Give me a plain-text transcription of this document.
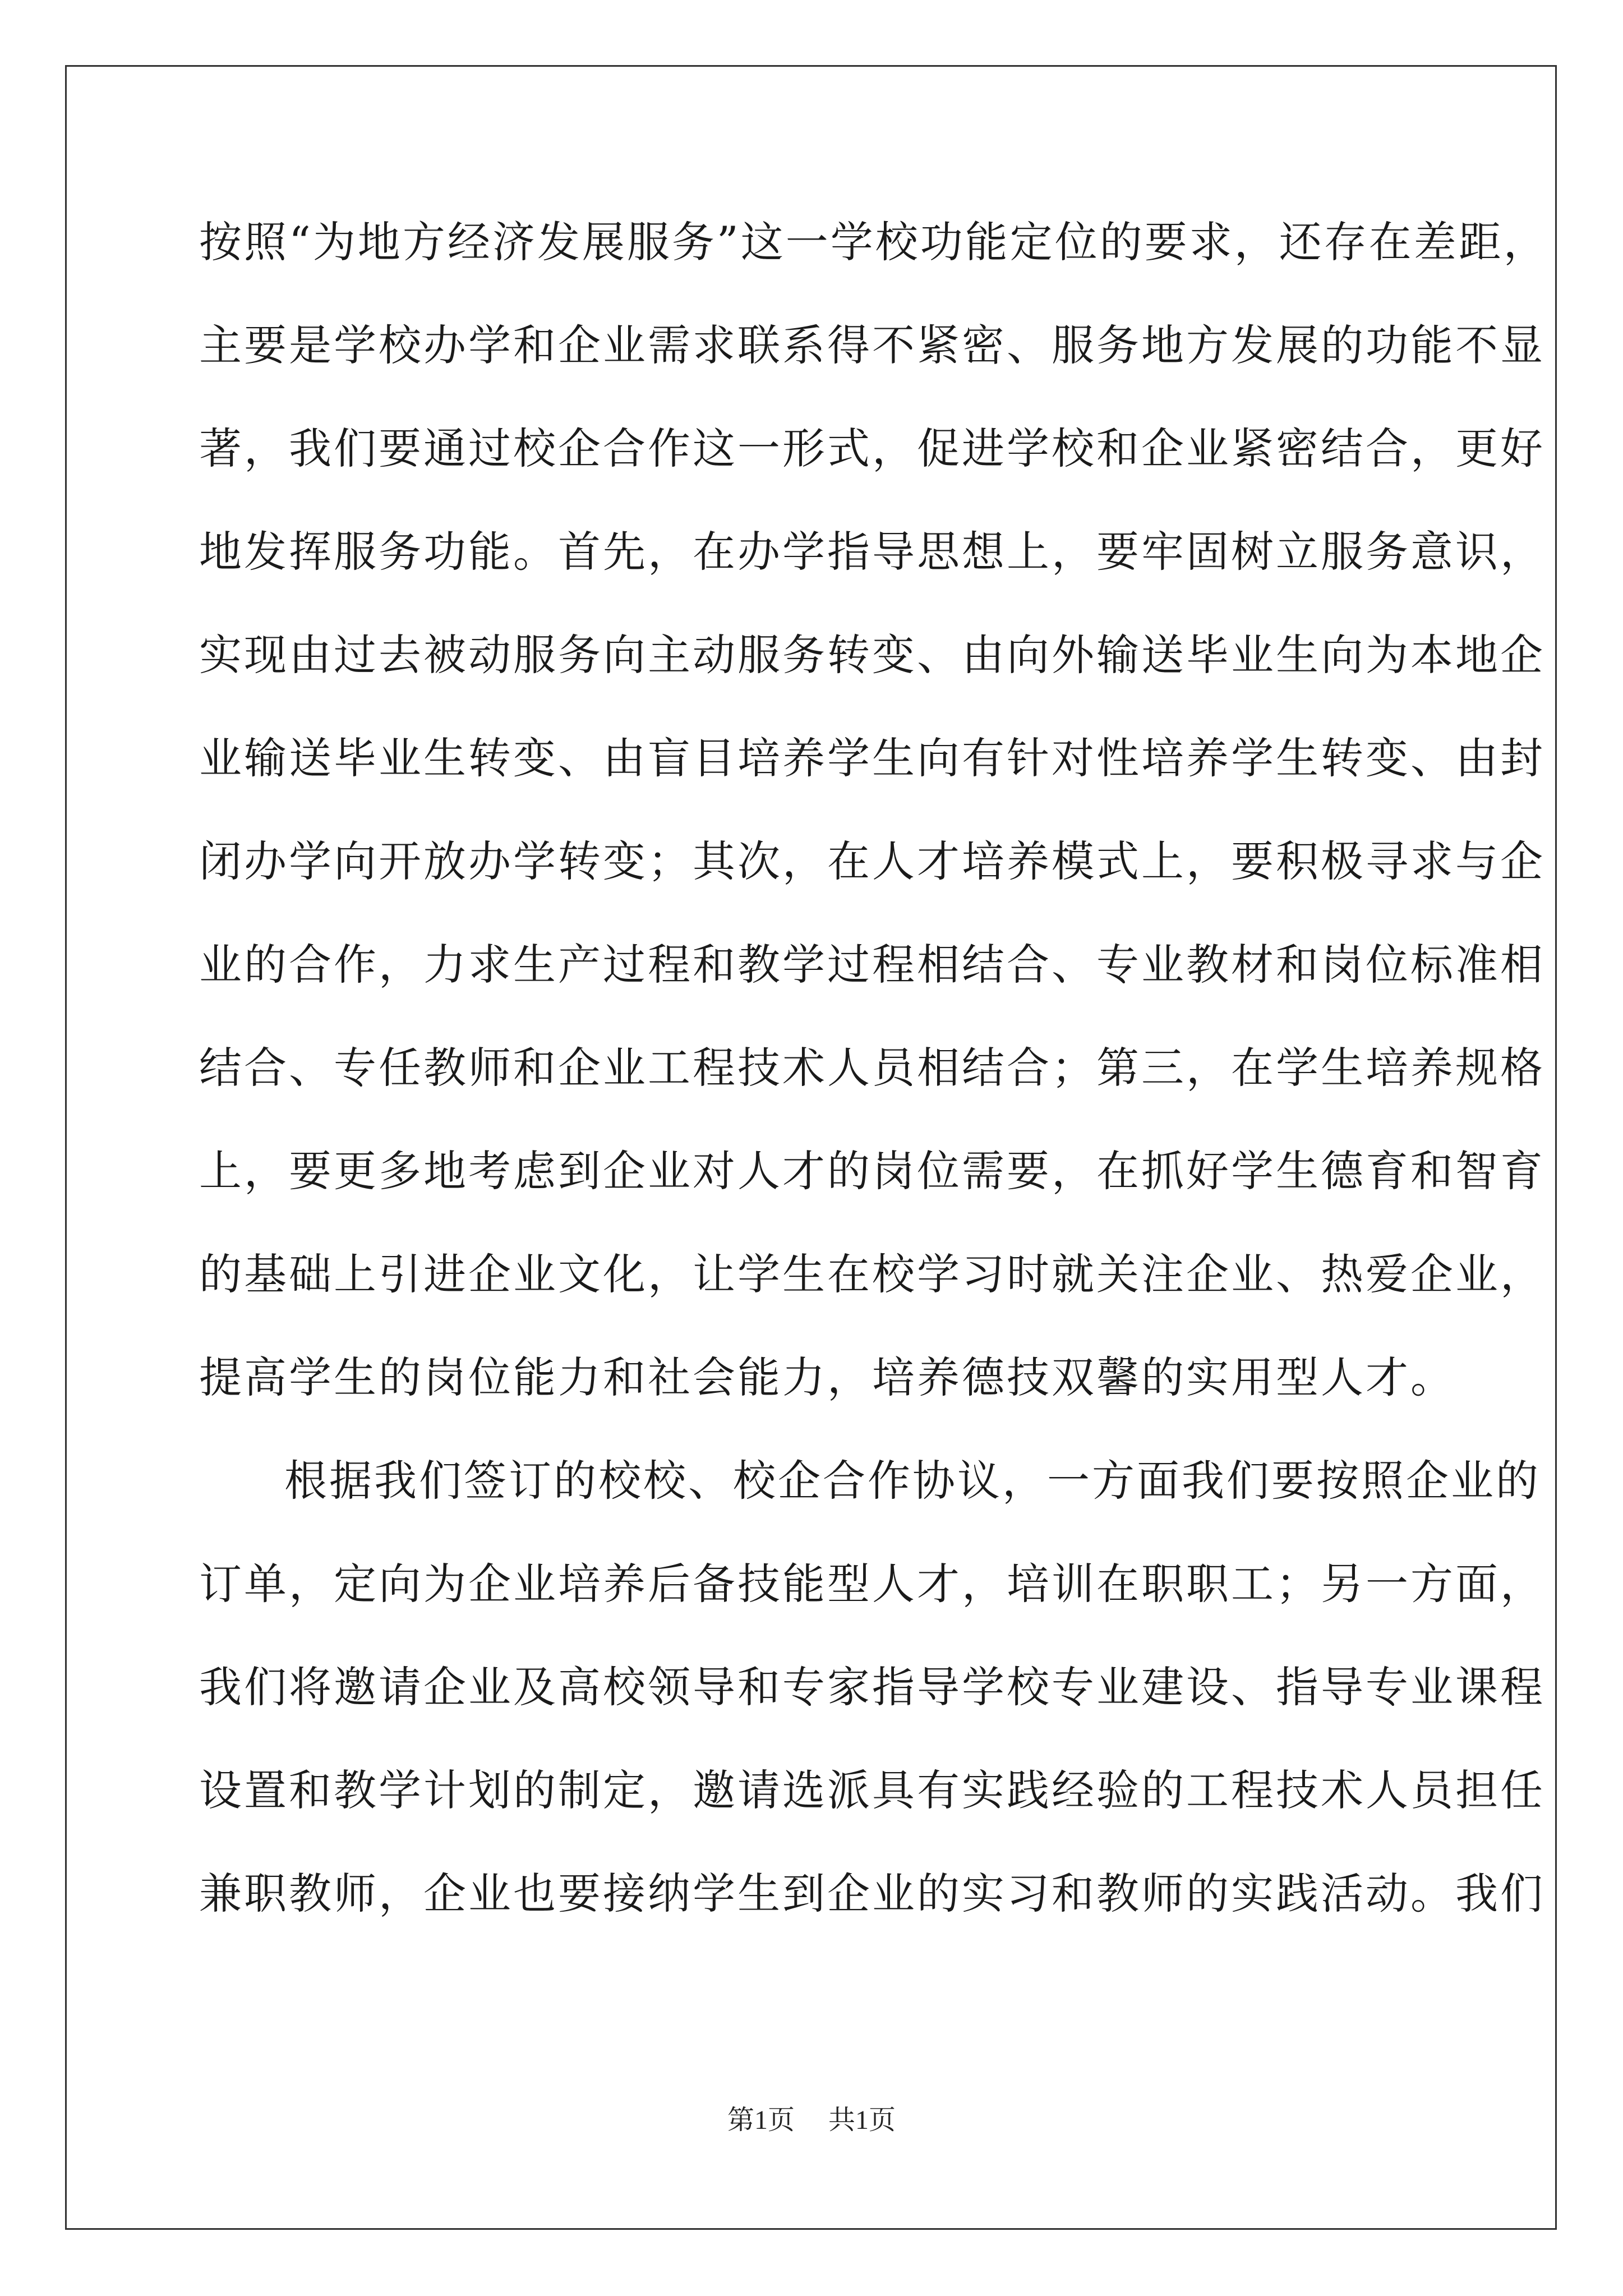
按照“为地方经济发展服务”这一学校功能定位的要求，还存在差距，
主要是学校办学和企业需求联系得不紧密、服务地方发展的功能不显
著，我们要通过校企合作这一形式，促进学校和企业紧密结合，更好
地发挥服务功能。首先，在办学指导思想上，要牢固树立服务意识，
实现由过去被动服务向主动服务转变、由向外输送毕业生向为本地企
业输送毕业生转变、由盲目培养学生向有针对性培养学生转变、由封
闭办学向开放办学转变；其次，在人才培养模式上，要积极寻求与企
业的合作，力求生产过程和教学过程相结合、专业教材和岗位标准相
结合、专任教师和企业工程技术人员相结合；第三，在学生培养规格
上，要更多地考虑到企业对人才的岗位需要，在抓好学生德育和智育
的基础上引进企业文化，让学生在校学习时就关注企业、热爱企业，
提高学生的岗位能力和社会能力，培养德技双馨的实用型人才。
根据我们签订的校校、校企合作协议，一方面我们要按照企业的
订单，定向为企业培养后备技能型人才，培训在职职工；另一方面，
我们将邀请企业及高校领导和专家指导学校专业建设、指导专业课程
设置和教学计划的制定，邀请选派具有实践经验的工程技术人员担任
兼职教师，企业也要接纳学生到企业的实习和教师的实践活动。我们
第1页 共1页
